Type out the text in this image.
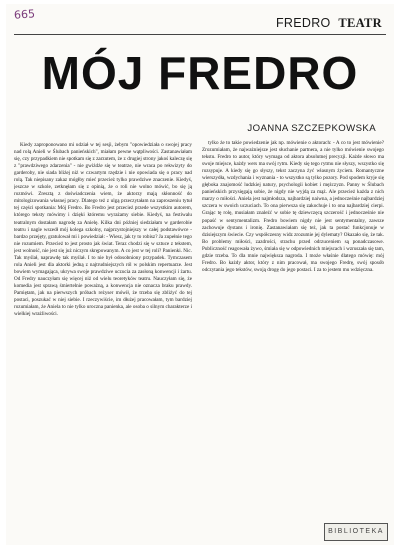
665
FREDRO TEATR
MÓJ FREDRO
JOANNA SZCZEPKOWSKA

Kiedy zaproponowano mi udział w tej sesji, żebym "opowiedziała o swojej pracy nad rolą Anieli w Ślubach panieńskich", miałam pewne wątpliwości. Zastanawiałam się, czy przypadkiem nie spotkam się z zarzutem, że z drugiej strony jakoś kaleczę się z "prawdziwego zdarzenia" - nie gwiżdże się w teatrze, nie wraca po rekwizyty do garderoby, nie siada bliżej niż w czwartym rzędzie i nie opowiada się o pracy nad rolą. Tak niepisany zakaz mógłby mieć przecież tylko prawdziwe znaczenie. Kiedyś, jeszcze w szkole, zetknęłam się z opinią, że o roli nie wolno mówić, bo się ją rozmówi. Zresztą z doświadczenia wiem, że aktorzy mają skłonność do mitologizowania własnej pracy. Dlatego też z ulgą przeczytałam na zaproszeniu tytuł tej części spotkania: Mój Fredro. Bo Fredro jest przecież przede wszystkim autorem, którego teksty mówimy i dzięki któremu wyrażamy siebie. Kiedyś, na festiwalu teatralnym dostałam nagrodę za Anielę. Kilka dni później siedziałam w garderobie teatru i nagle wszedł mój kolega szkolny, najprzystojniejszy w całej podstawówce - bardzo przejęty, gratulował mi i powiedział: - Wiesz, jak ty to robisz? Ja zupełnie tego nie rozumiem. Przecież to jest prosto jak świat. Teraz chodzi się w sztuce z tekstem, jest wolność, nie jest się już niczym skrępowanym. A co jest w tej roli? Panienki. Nic. Tak myślał, naprawdę tak myślał. I to nie był odosobniony przypadek. Tymczasem rola Anieli jest dla aktorki jedną z najtrudniejszych ról w polskim repertuarze. Jest bowiem wymagająca, ukrywa swoje prawdziwe uczucia za zasłoną konwencji i żartu. Od Fredry nauczyłam się więcej niż od wielu teoretyków teatru. Nauczyłam się, że komedia jest sprawą śmiertelnie poważną, a konwencja nie oznacza braku prawdy. Pamiętam, jak na pierwszych próbach reżyser mówił, że trzeba się zbliżyć do tej postaci, poszukać w niej siebie. I rzeczywiście, im dłużej pracowałam, tym bardziej rozumiałam, że Aniela to nie tylko uroczna panienka, ale osoba o silnym charakterze i wielkiej wrażliwości.

tylko że to takie powiedzenie jak np. mówienie o aktorach: - A co to jest mówienie? Zrozumiałam, że najważniejsze jest słuchanie partnera, a nie tylko mówienie swojego tekstu. Fredro to autor, który wymaga od aktora absolutnej precyzji. Każde słowo ma swoje miejsce, każdy wers ma swój rytm. Kiedy się tego rytmu nie słyszy, wszystko się rozsypuje. A kiedy się go słyszy, tekst zaczyna żyć własnym życiem. Romantyczne wierszydła, wzdychania i wyznania - to wszystko są tylko pozory. Pod spodem kryje się głęboka znajomość ludzkiej natury, psychologii kobiet i mężczyzn. Panny w Ślubach panieńskich przysięgają sobie, że nigdy nie wyjdą za mąż. Ale przecież każda z nich marzy o miłości. Aniela jest najmłodsza, najbardziej naiwna, a jednocześnie najbardziej szczera w swoich uczuciach. To ona pierwsza się zakochuje i to ona najbardziej cierpi. Grając tę rolę, musiałam znaleźć w sobie tę dziewczęcą szczerość i jednocześnie nie popaść w sentymentalizm. Fredro bowiem nigdy nie jest sentymentalny, zawsze zachowuje dystans i ironię. Zastanawiałam się też, jak ta postać funkcjonuje w dzisiejszym świecie. Czy współczesny widz zrozumie jej dylematy? Okazało się, że tak. Bo problemy miłości, zazdrości, strachu przed odrzuceniem są ponadczasowe. Publiczność reagowała żywo, śmiała się w odpowiednich miejscach i wzruszała się tam, gdzie trzeba. To dla mnie największa nagroda. I może właśnie dlatego mówię: mój Fredro. Bo każdy aktor, który z nim pracował, ma swojego Fredrę, swój sposób odczytania jego tekstów, swoją drogę do jego postaci. I za to jestem mu wdzięczna.

BIBLIOTEKA
